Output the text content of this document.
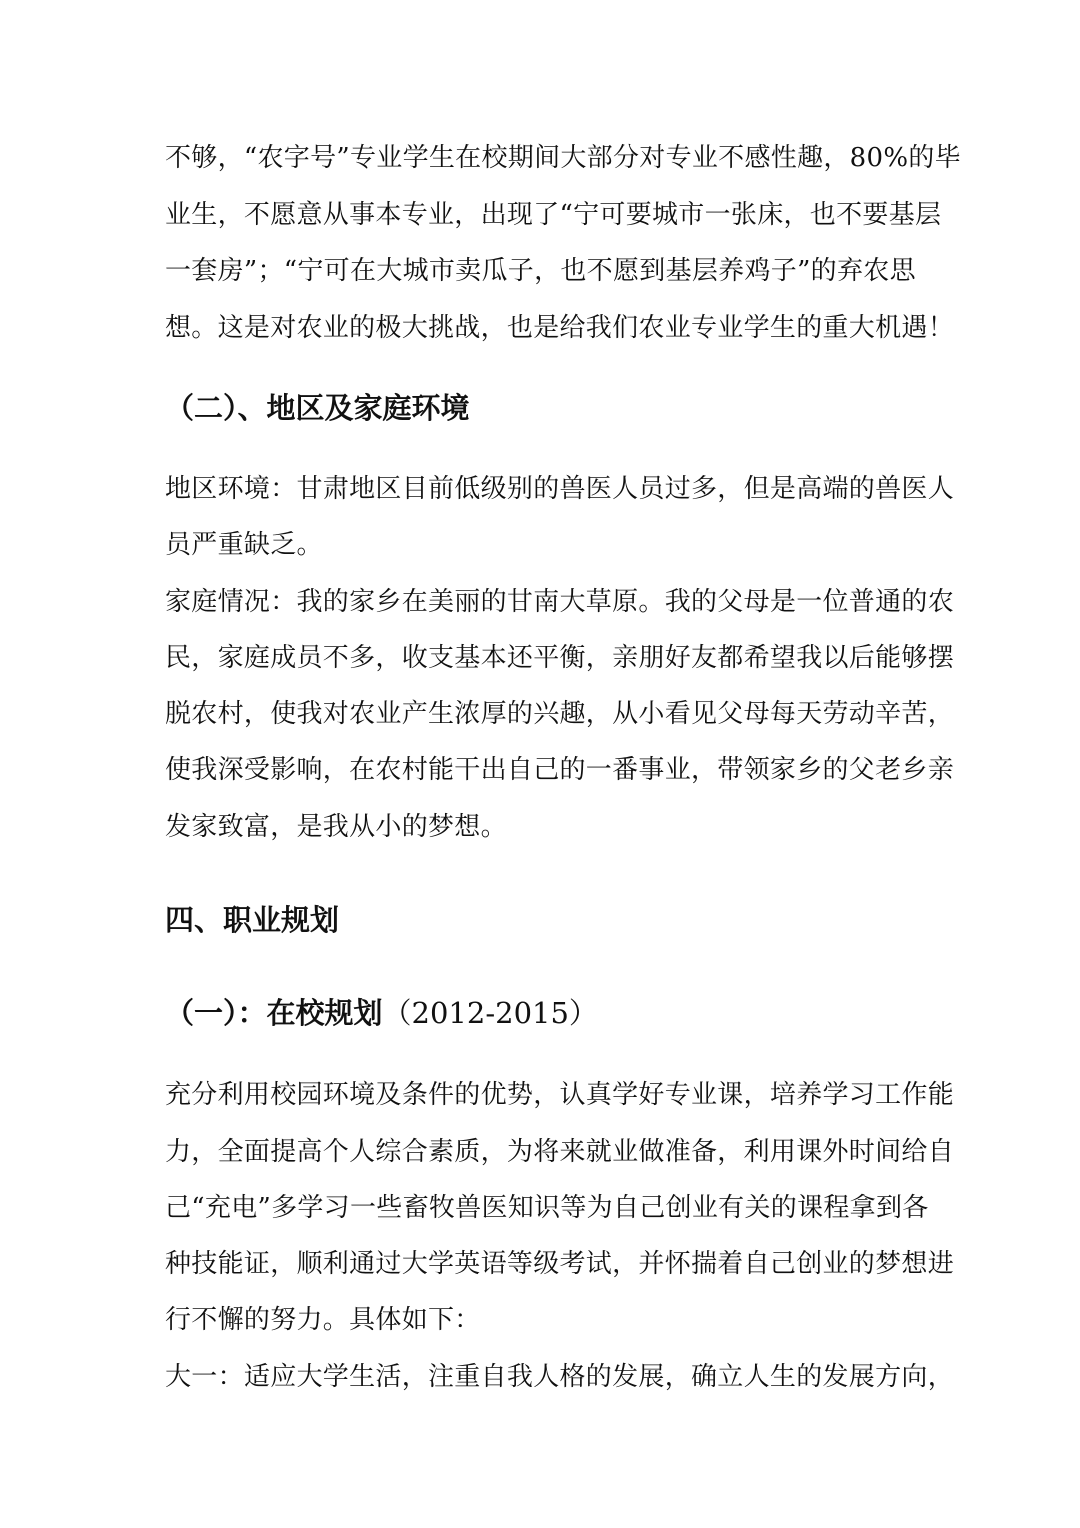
不够，“农字号”专业学生在校期间大部分对专业不感性趣，80%的毕
业生，不愿意从事本专业，出现了“宁可要城市一张床，也不要基层
一套房”；“宁可在大城市卖瓜子，也不愿到基层养鸡子”的弃农思
想。这是对农业的极大挑战，也是给我们农业专业学生的重大机遇！
（二）、地区及家庭环境
地区环境：甘肃地区目前低级别的兽医人员过多，但是高端的兽医人
员严重缺乏。
家庭情况：我的家乡在美丽的甘南大草原。我的父母是一位普通的农
民，家庭成员不多，收支基本还平衡，亲朋好友都希望我以后能够摆
脱农村，使我对农业产生浓厚的兴趣，从小看见父母每天劳动辛苦，
使我深受影响，在农村能干出自己的一番事业，带领家乡的父老乡亲
发家致富，是我从小的梦想。
四、职业规划
（一）：在校规划（2012-2015）
充分利用校园环境及条件的优势，认真学好专业课，培养学习工作能
力，全面提高个人综合素质，为将来就业做准备，利用课外时间给自
己“充电”多学习一些畜牧兽医知识等为自己创业有关的课程拿到各
种技能证，顺利通过大学英语等级考试，并怀揣着自己创业的梦想进
行不懈的努力。具体如下：
大一：适应大学生活，注重自我人格的发展，确立人生的发展方向，
